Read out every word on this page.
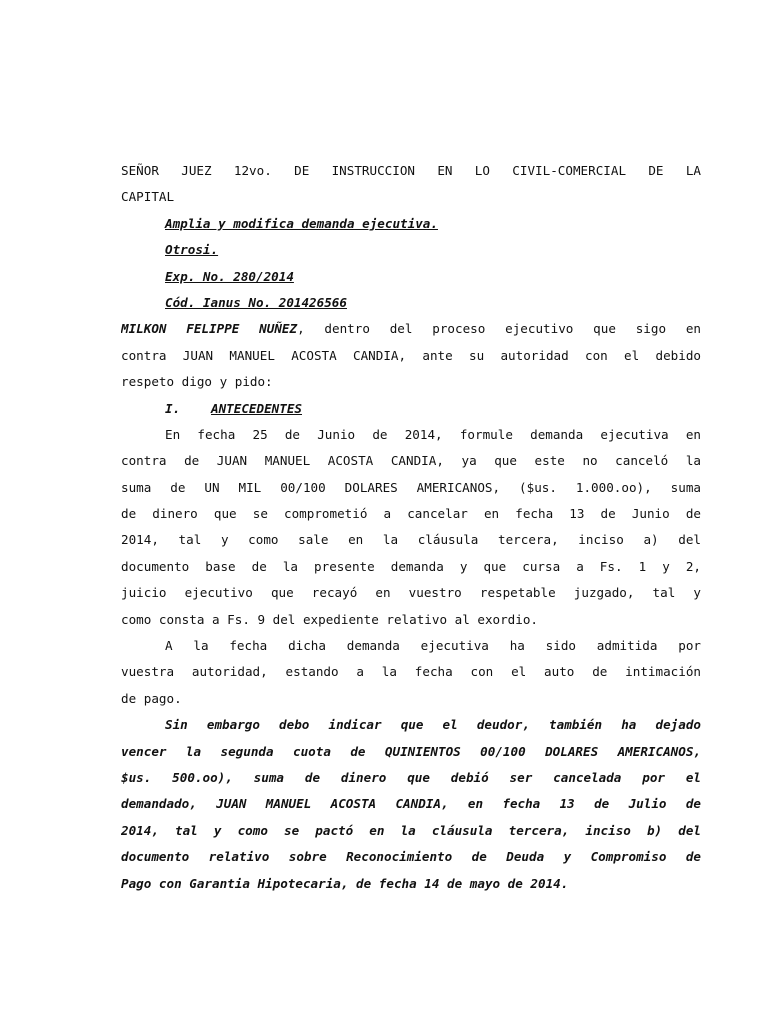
SEÑOR JUEZ 12vo. DE INSTRUCCION EN LO CIVIL-COMERCIAL DE LA
CAPITAL
Amplia y modifica demanda ejecutiva.
Otrosi.
Exp. No. 280/2014
Cód. Ianus No. 201426566
MILKON FELIPPE NUÑEZ, dentro del proceso ejecutivo que sigo en
contra JUAN MANUEL ACOSTA CANDIA, ante su autoridad con el debido
respeto digo y pido:
I. ANTECEDENTES
En fecha 25 de Junio de 2014, formule demanda ejecutiva en
contra de JUAN MANUEL ACOSTA CANDIA, ya que este no canceló la
suma de UN MIL 00/100 DOLARES AMERICANOS, ($us. 1.000.oo), suma
de dinero que se comprometió a cancelar en fecha 13 de Junio de
2014, tal y como sale en la cláusula tercera, inciso a) del
documento base de la presente demanda y que cursa a Fs. 1 y 2,
juicio ejecutivo que recayó en vuestro respetable juzgado, tal y
como consta a Fs. 9 del expediente relativo al exordio.
A la fecha dicha demanda ejecutiva ha sido admitida por
vuestra autoridad, estando a la fecha con el auto de intimación
de pago.
Sin embargo debo indicar que el deudor, también ha dejado
vencer la segunda cuota de QUINIENTOS 00/100 DOLARES AMERICANOS,
$us. 500.oo), suma de dinero que debió ser cancelada por el
demandado, JUAN MANUEL ACOSTA CANDIA, en fecha 13 de Julio de
2014, tal y como se pactó en la cláusula tercera, inciso b) del
documento relativo sobre Reconocimiento de Deuda y Compromiso de
Pago con Garantia Hipotecaria, de fecha 14 de mayo de 2014.
